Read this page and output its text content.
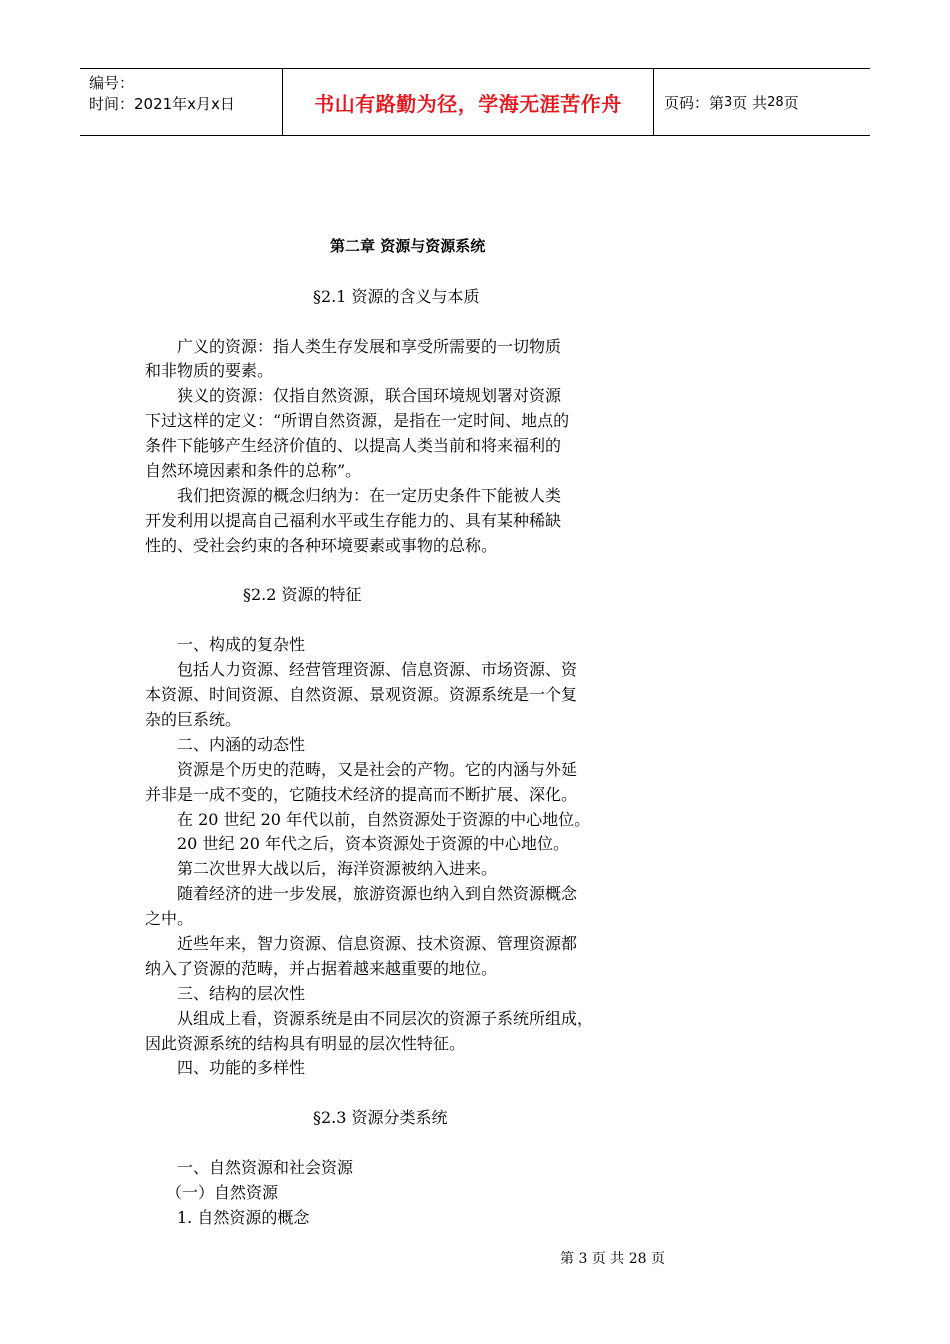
编号：
时间：2021年x月x日	书山有路勤为径，学海无涯苦作舟	页码：第 3 页 共 28 页
第二章 资源与资源系统
§2.1 资源的含义与本质
广义的资源：指人类生存发展和享受所需要的一切物质
和非物质的要素。
狭义的资源：仅指自然资源，联合国环境规划署对资源
下过这样的定义：“所谓自然资源，是指在一定时间、地点的
条件下能够产生经济价值的、以提高人类当前和将来福利的
自然环境因素和条件的总称”。
我们把资源的概念归纳为：在一定历史条件下能被人类
开发利用以提高自己福利水平或生存能力的、具有某种稀缺
性的、受社会约束的各种环境要素或事物的总称。
§2.2 资源的特征
一、构成的复杂性
包括人力资源、经营管理资源、信息资源、市场资源、资
本资源、时间资源、自然资源、景观资源。资源系统是一个复
杂的巨系统。
二、内涵的动态性
资源是个历史的范畴，又是社会的产物。它的内涵与外延
并非是一成不变的，它随技术经济的提高而不断扩展、深化。
在 20 世纪 20 年代以前，自然资源处于资源的中心地位。
20 世纪 20 年代之后，资本资源处于资源的中心地位。
第二次世界大战以后，海洋资源被纳入进来。
随着经济的进一步发展，旅游资源也纳入到自然资源概念
之中。
近些年来，智力资源、信息资源、技术资源、管理资源都
纳入了资源的范畴，并占据着越来越重要的地位。
三、结构的层次性
从组成上看，资源系统是由不同层次的资源子系统所组成，
因此资源系统的结构具有明显的层次性特征。
四、功能的多样性
§2.3 资源分类系统
一、自然资源和社会资源
（一）自然资源
1. 自然资源的概念
第 3 页 共 28 页
